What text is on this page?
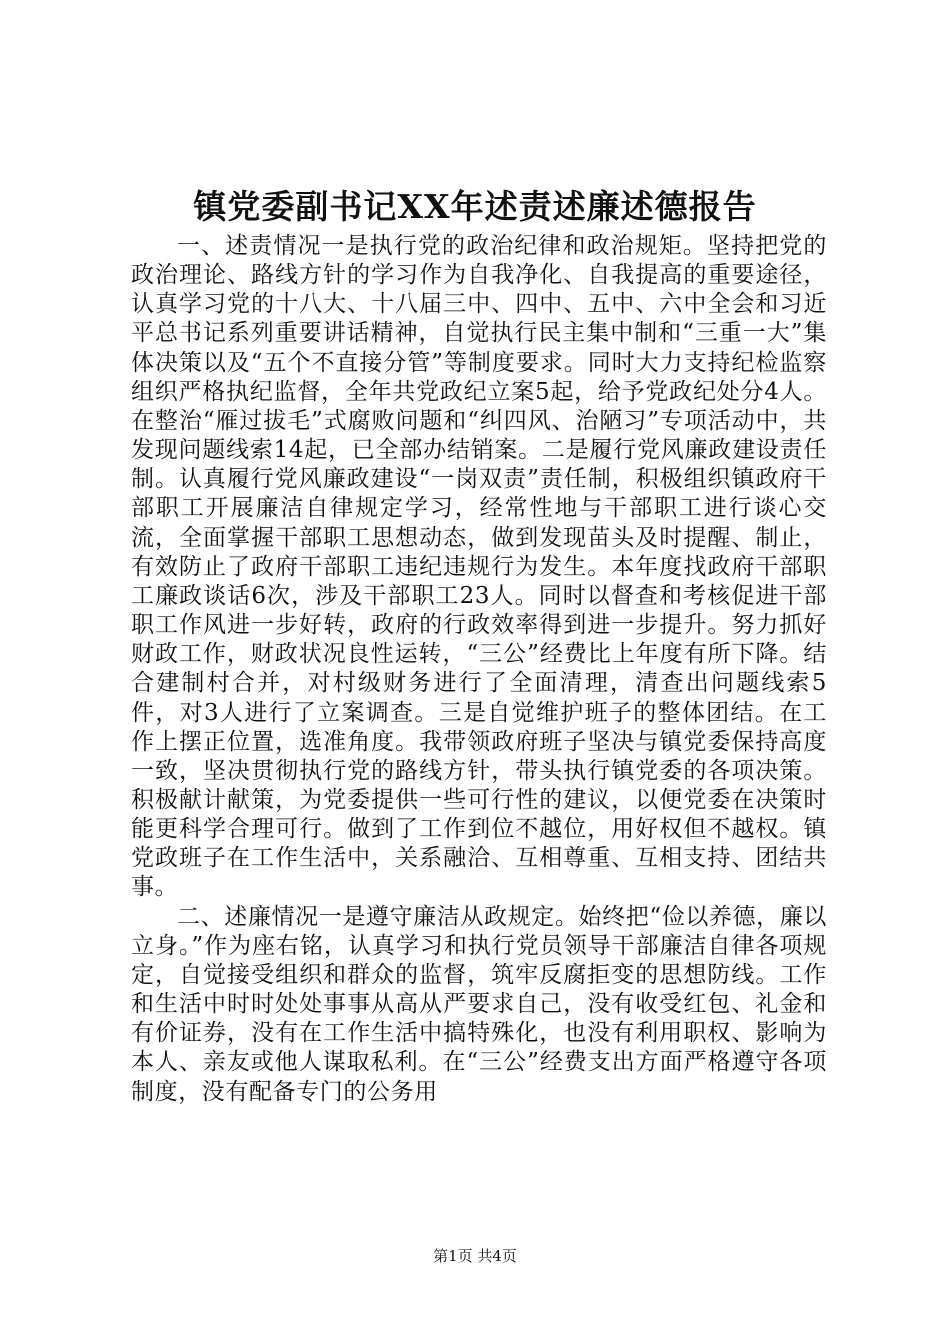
镇党委副书记XX年述责述廉述德报告

一、述责情况一是执行党的政治纪律和政治规矩。坚持把党的政治理论、路线方针的学习作为自我净化、自我提高的重要途径，认真学习党的十八大、十八届三中、四中、五中、六中全会和习近平总书记系列重要讲话精神，自觉执行民主集中制和“三重一大”集体决策以及“五个不直接分管”等制度要求。同时大力支持纪检监察组织严格执纪监督，全年共党政纪立案5起，给予党政纪处分4人。在整治“雁过拔毛”式腐败问题和“纠四风、治陋习”专项活动中，共发现问题线索14起，已全部办结销案。二是履行党风廉政建设责任制。认真履行党风廉政建设“一岗双责”责任制，积极组织镇政府干部职工开展廉洁自律规定学习，经常性地与干部职工进行谈心交流，全面掌握干部职工思想动态，做到发现苗头及时提醒、制止，有效防止了政府干部职工违纪违规行为发生。本年度找政府干部职工廉政谈话6次，涉及干部职工23人。同时以督查和考核促进干部职工作风进一步好转，政府的行政效率得到进一步提升。努力抓好财政工作，财政状况良性运转，“三公”经费比上年度有所下降。结合建制村合并，对村级财务进行了全面清理，清查出问题线索5件，对3人进行了立案调查。三是自觉维护班子的整体团结。在工作上摆正位置，选准角度。我带领政府班子坚决与镇党委保持高度一致，坚决贯彻执行党的路线方针，带头执行镇党委的各项决策。积极献计献策，为党委提供一些可行性的建议，以便党委在决策时能更科学合理可行。做到了工作到位不越位，用好权但不越权。镇党政班子在工作生活中，关系融洽、互相尊重、互相支持、团结共事。

二、述廉情况一是遵守廉洁从政规定。始终把“俭以养德，廉以立身。”作为座右铭，认真学习和执行党员领导干部廉洁自律各项规定，自觉接受组织和群众的监督，筑牢反腐拒变的思想防线。工作和生活中时时处处事事从高从严要求自己，没有收受红包、礼金和有价证券，没有在工作生活中搞特殊化，也没有利用职权、影响为本人、亲友或他人谋取私利。在“三公”经费支出方面严格遵守各项制度，没有配备专门的公务用

第1页 共4页
